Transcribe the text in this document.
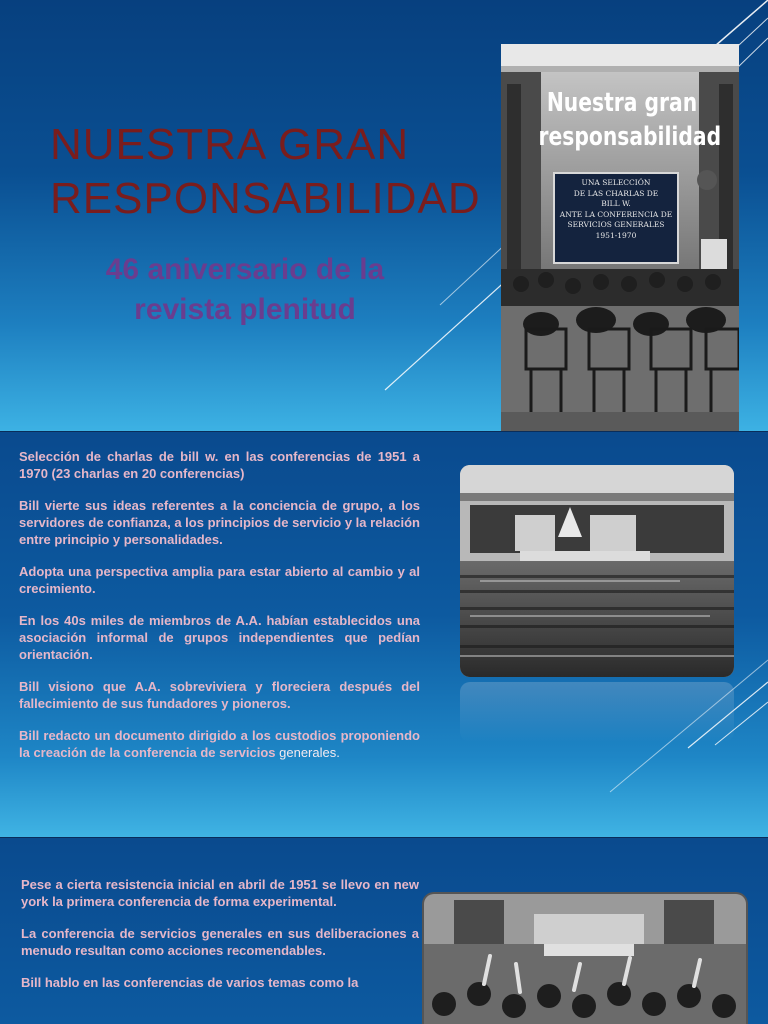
NUESTRA GRAN
RESPONSABILIDAD
46 aniversario de la
revista plenitud
Nuestra gran
responsabilidad
UNA SELECCIÓN
DE LAS CHARLAS DE
BILL W.
ANTE LA CONFERENCIA DE
SERVICIOS GENERALES
1951-1970

Selección de charlas de bill w. en las conferencias de 1951 a 1970 (23 charlas en 20 conferencias)

Bill vierte sus ideas referentes a la conciencia de grupo, a los servidores de confianza, a los principios de servicio y la relación entre principio y personalidades.

Adopta una perspectiva amplia para estar abierto al cambio y al crecimiento.

En los 40s miles de miembros de A.A. habían establecidos una asociación informal de grupos independientes que pedían orientación.

Bill visiono que A.A. sobreviviera y floreciera después del fallecimiento de sus fundadores y pioneros.

Bill redacto un documento dirigido a los custodios proponiendo la creación de la conferencia de servicios generales.

Pese a cierta resistencia inicial en abril de 1951 se llevo en new york la primera conferencia de forma experimental.

La conferencia de servicios generales en sus deliberaciones a menudo resultan como acciones recomendables.

Bill hablo en las conferencias de varios temas como la
